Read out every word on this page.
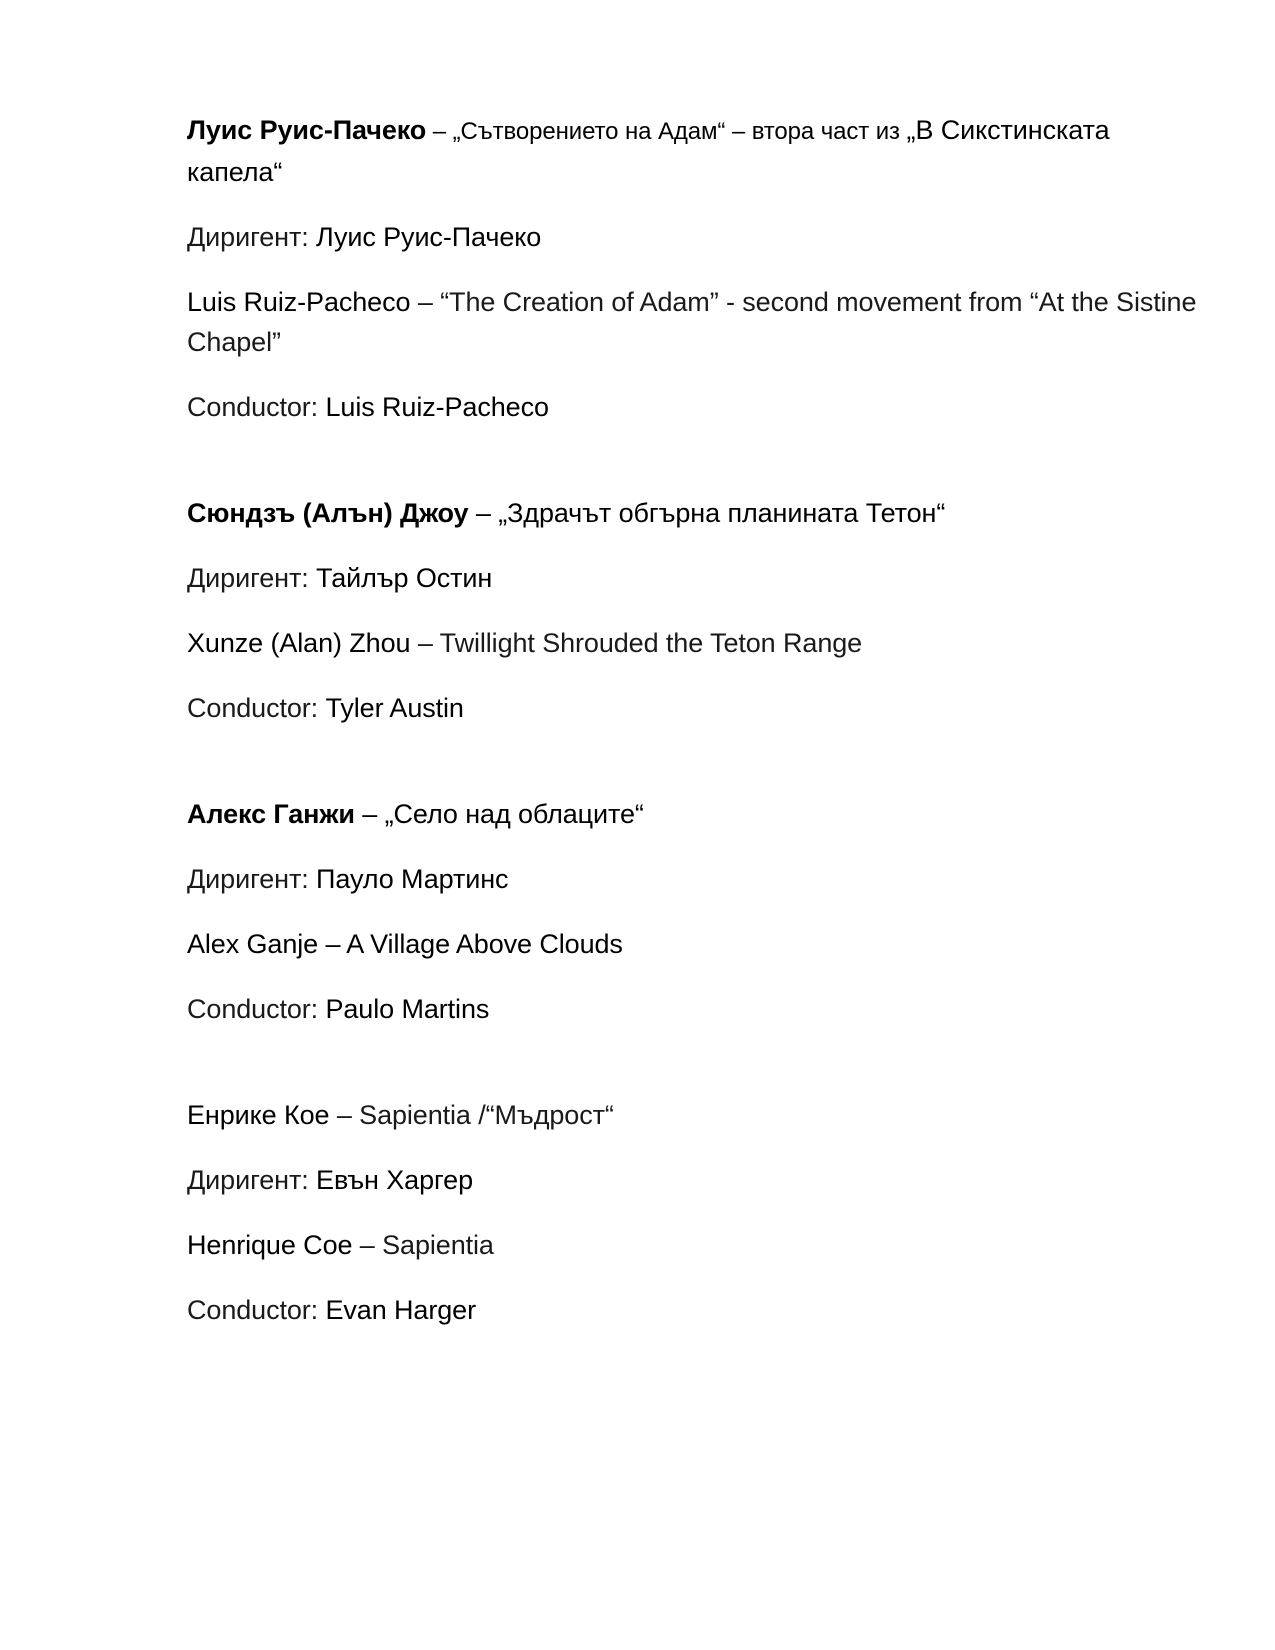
Луис Руис-Пачеко – „Сътворението на Адам“ – втора част из „В Сикстинската капела“

Диригент: Луис Руис-Пачеко

Luis Ruiz-Pacheco – “The Creation of Adam” - second movement from “At the Sistine Chapel”

Conductor: Luis Ruiz-Pacheco

Сюндзъ (Алън) Джоу – „Здрачът обгърна планината Тетон“

Диригент: Тайлър Остин

Xunze (Alan) Zhou – Twillight Shrouded the Teton Range

Conductor: Tyler Austin

Алекс Ганжи – „Село над облаците“

Диригент: Пауло Мартинс

Alex Ganje – A Village Above Clouds

Conductor: Paulo Martins

Енрике Кое – Sapientia /“Мъдрост“

Диригент: Евън Харгер

Henrique Coe – Sapientia

Conductor: Evan Harger
